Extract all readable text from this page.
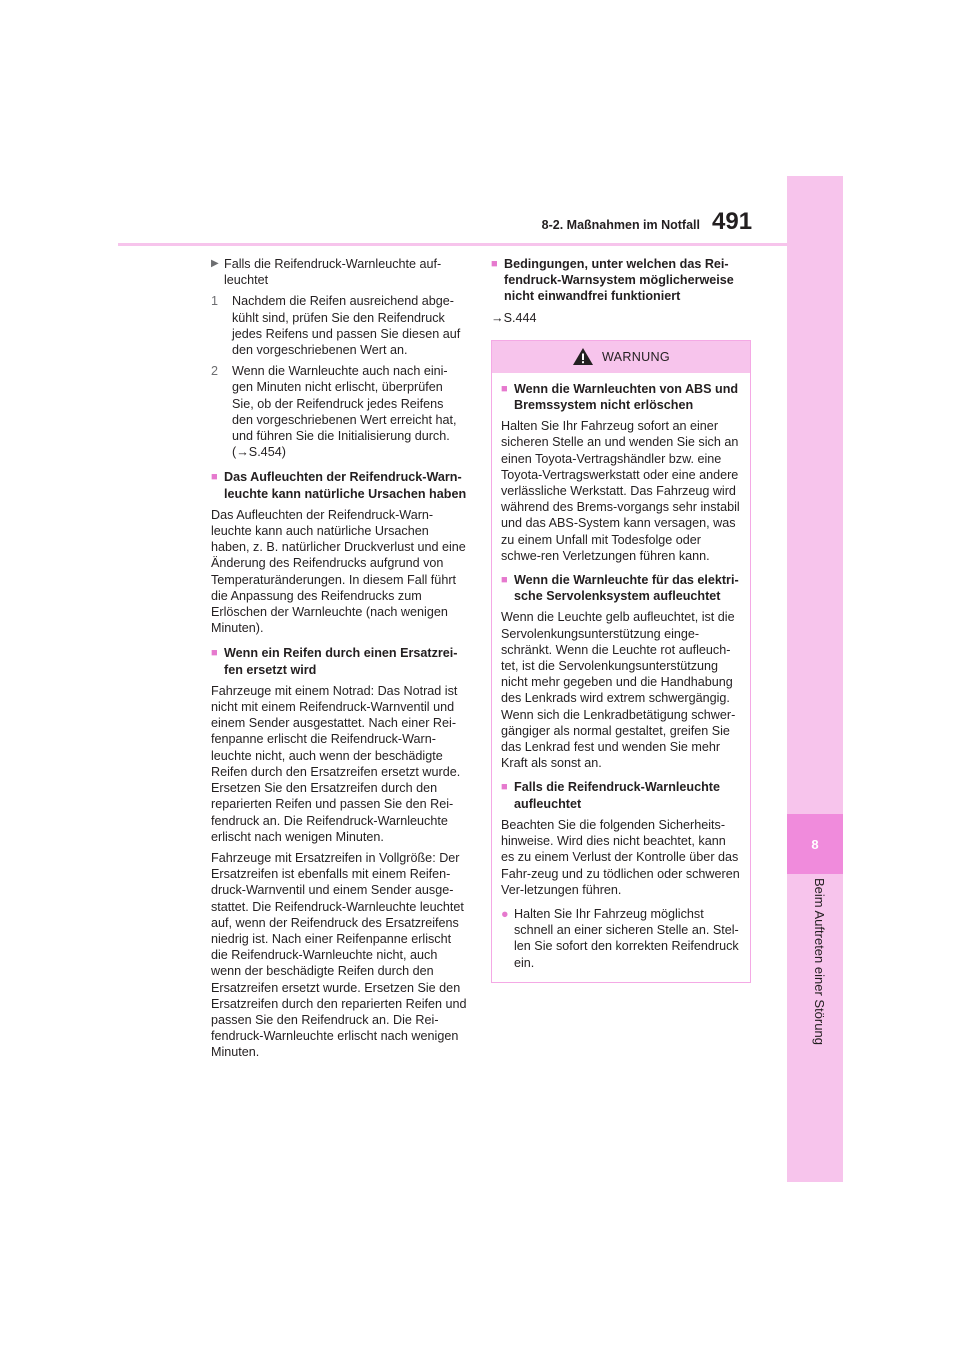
8
Beim Auftreten einer Störung
8-2. Maßnahmen im Notfall 491
▶ Falls die Reifendruck-Warnleuchte auf-leuchtet
1	Nachdem die Reifen ausreichend abge-kühlt sind, prüfen Sie den Reifendruck jedes Reifens und passen Sie diesen auf den vorgeschriebenen Wert an.
2	Wenn die Warnleuchte auch nach eini-gen Minuten nicht erlischt, überprüfen Sie, ob der Reifendruck jedes Reifens den vorgeschriebenen Wert erreicht hat, und führen Sie die Initialisierung durch. (→S.454)
■ Das Aufleuchten der Reifendruck-Warn-leuchte kann natürliche Ursachen haben

Das Aufleuchten der Reifendruck-Warn-leuchte kann auch natürliche Ursachen haben, z. B. natürlicher Druckverlust und eine Änderung des Reifendrucks aufgrund von Temperaturänderungen. In diesem Fall führt die Anpassung des Reifendrucks zum Erlöschen der Warnleuchte (nach wenigen Minuten).

■ Wenn ein Reifen durch einen Ersatzrei-fen ersetzt wird

Fahrzeuge mit einem Notrad: Das Notrad ist nicht mit einem Reifendruck-Warnventil und einem Sender ausgestattet. Nach einer Rei-fenpanne erlischt die Reifendruck-Warn-leuchte nicht, auch wenn der beschädigte Reifen durch den Ersatzreifen ersetzt wurde. Ersetzen Sie den Ersatzreifen durch den reparierten Reifen und passen Sie den Rei-fendruck an. Die Reifendruck-Warnleuchte erlischt nach wenigen Minuten.

Fahrzeuge mit Ersatzreifen in Vollgröße: Der Ersatzreifen ist ebenfalls mit einem Reifen-druck-Warnventil und einem Sender ausge-stattet. Die Reifendruck-Warnleuchte leuchtet auf, wenn der Reifendruck des Ersatzreifens niedrig ist. Nach einer Reifenpanne erlischt die Reifendruck-Warnleuchte nicht, auch wenn der beschädigte Reifen durch den Ersatzreifen ersetzt wurde. Ersetzen Sie den Ersatzreifen durch den reparierten Reifen und passen Sie den Reifendruck an. Die Rei-fendruck-Warnleuchte erlischt nach wenigen Minuten.

■ Bedingungen, unter welchen das Rei-fendruck-Warnsystem möglicherweise nicht einwandfrei funktioniert

→S.444

WARNUNG
■ Wenn die Warnleuchten von ABS und Bremssystem nicht erlöschen

Halten Sie Ihr Fahrzeug sofort an einer sicheren Stelle an und wenden Sie sich an einen Toyota-Vertragshändler bzw. eine Toyota-Vertragswerkstatt oder eine andere verlässliche Werkstatt. Das Fahrzeug wird während des Brems-vorgangs sehr instabil und das ABS-System kann versagen, was zu einem Unfall mit Todesfolge oder schwe-ren Verletzungen führen kann.

■ Wenn die Warnleuchte für das elektri-sche Servolenksystem aufleuchtet

Wenn die Leuchte gelb aufleuchtet, ist die Servolenkungsunterstützung einge-schränkt. Wenn die Leuchte rot aufleuch-tet, ist die Servolenkungsunterstützung nicht mehr gegeben und die Handhabung des Lenkrads wird extrem schwergängig. Wenn sich die Lenkradbetätigung schwer-gängiger als normal gestaltet, greifen Sie das Lenkrad fest und wenden Sie mehr Kraft als sonst an.

■ Falls die Reifendruck-Warnleuchte aufleuchtet

Beachten Sie die folgenden Sicherheits-hinweise. Wird dies nicht beachtet, kann es zu einem Verlust der Kontrolle über das Fahr-zeug und zu tödlichen oder schweren Ver-letzungen führen.

● Halten Sie Ihr Fahrzeug möglichst schnell an einer sicheren Stelle an. Stel-len Sie sofort den korrekten Reifendruck ein.
